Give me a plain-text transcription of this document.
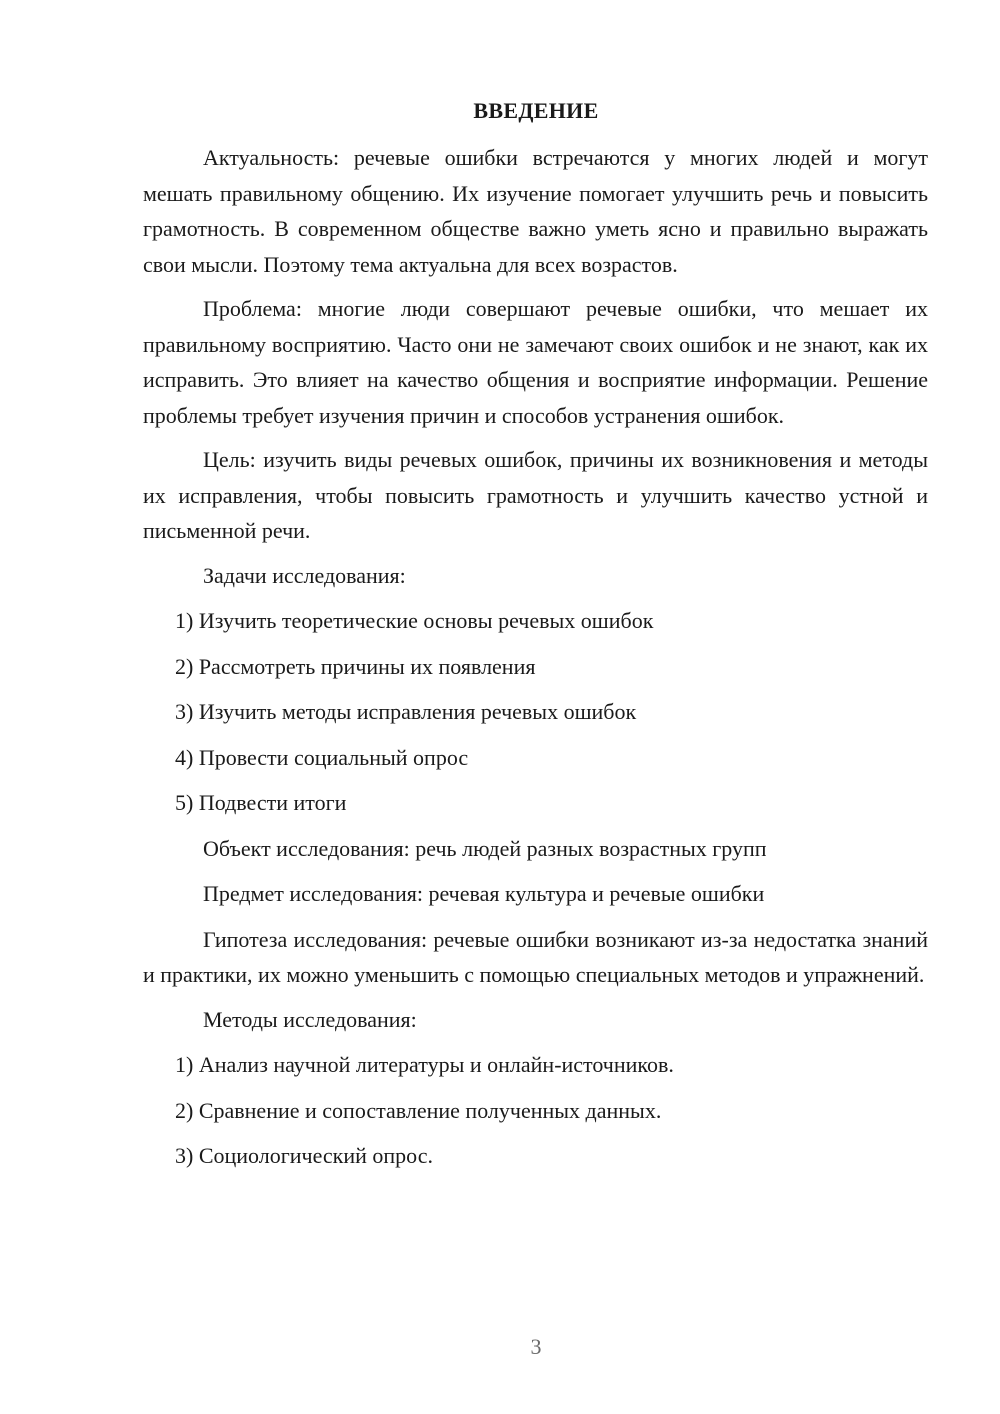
ВВЕДЕНИЕ

Актуальность: речевые ошибки встречаются у многих людей и могут мешать правильному общению. Их изучение помогает улучшить речь и повысить грамотность. В современном обществе важно уметь ясно и правильно выражать свои мысли. Поэтому тема актуальна для всех возрастов.

Проблема: многие люди совершают речевые ошибки, что мешает их правильному восприятию. Часто они не замечают своих ошибок и не знают, как их исправить. Это влияет на качество общения и восприятие информации. Решение проблемы требует изучения причин и способов устранения ошибок.

Цель: изучить виды речевых ошибок, причины их возникновения и методы их исправления, чтобы повысить грамотность и улучшить качество устной и письменной речи.

Задачи исследования:

1) Изучить теоретические основы речевых ошибок

2) Рассмотреть причины их появления

3) Изучить методы исправления речевых ошибок

4) Провести социальный опрос

5) Подвести итоги

Объект исследования: речь людей разных возрастных групп

Предмет исследования: речевая культура и речевые ошибки

Гипотеза исследования: речевые ошибки возникают из-за недостатка знаний и практики, их можно уменьшить с помощью специальных методов и упражнений.

Методы исследования:

1) Анализ научной литературы и онлайн-источников.

2) Сравнение и сопоставление полученных данных.

3) Социологический опрос.

3
